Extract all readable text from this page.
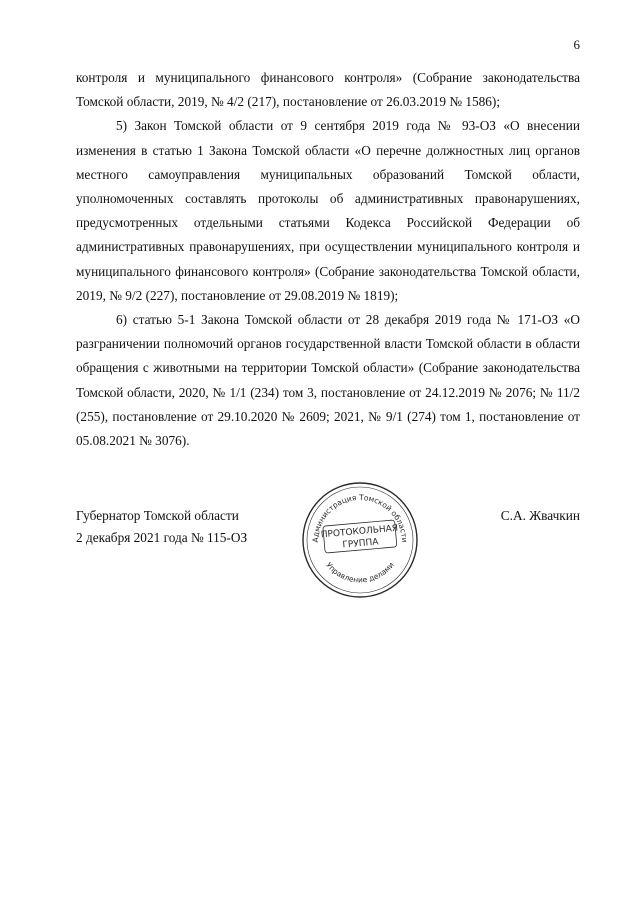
6

контроля и муниципального финансового контроля» (Собрание законодательства Томской области, 2019, № 4/2 (217), постановление от 26.03.2019 № 1586);

5) Закон Томской области от 9 сентября 2019 года № 93-ОЗ «О внесении изменения в статью 1 Закона Томской области «О перечне должностных лиц органов местного самоуправления муниципальных образований Томской области, уполномоченных составлять протоколы об административных правонарушениях, предусмотренных отдельными статьями Кодекса Российской Федерации об административных правонарушениях, при осуществлении муниципального контроля и муниципального финансового контроля» (Собрание законодательства Томской области, 2019, № 9/2 (227), постановление от 29.08.2019 № 1819);

6) статью 5-1 Закона Томской области от 28 декабря 2019 года № 171-ОЗ «О разграничении полномочий органов государственной власти Томской области в области обращения с животными на территории Томской области» (Собрание законодательства Томской области, 2020, № 1/1 (234) том 3, постановление от 24.12.2019 № 2076; № 11/2 (255), постановление от 29.10.2020 № 2609; 2021, № 9/1 (274) том 1, постановление от 05.08.2021 № 3076).

Губернатор Томской области
2 декабря 2021 года № 115-ОЗ
С.А. Жвачкин
Администрация Томской области
Управление делами
ПРОТОКОЛЬНАЯ
ГРУППА
